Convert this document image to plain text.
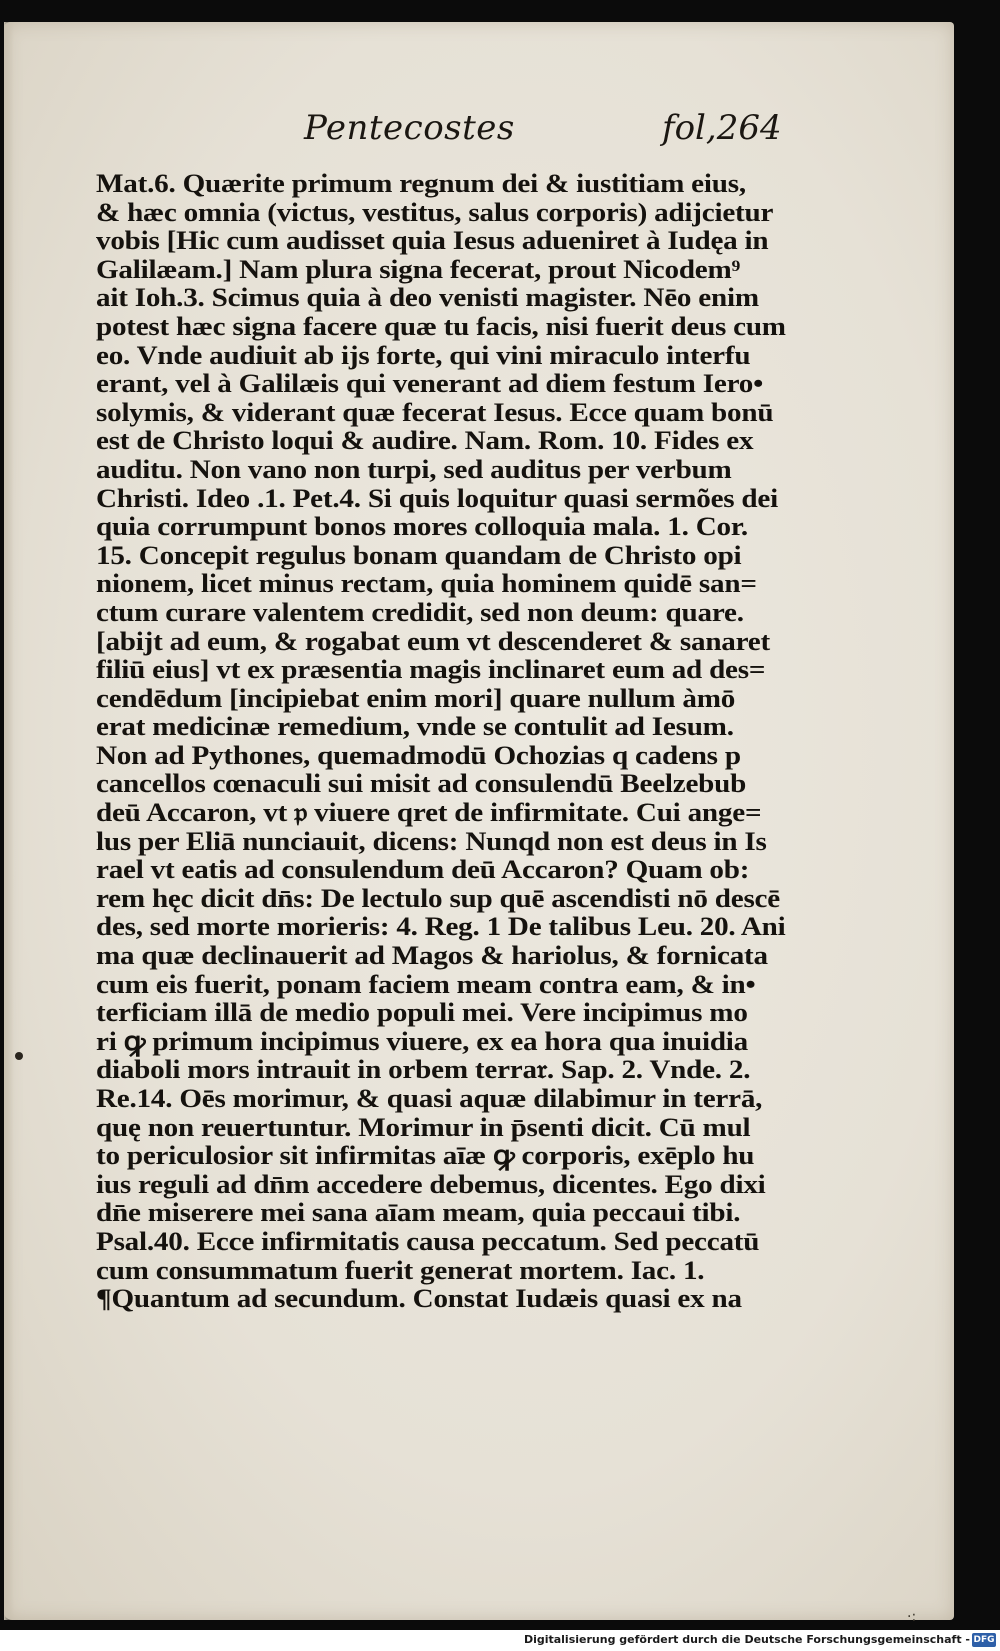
Pentecostes	fol,264
Mat.6. Quærite primum regnum dei & iustitiam eius,
& hæc omnia (victus, vestitus, salus corporis) adijcietur
vobis [Hic cum audisset quia Iesus adueniret à Iudęa in
Galilæam.] Nam plura signa fecerat, prout Nicodem⁹
ait Ioh.3. Scimus quia à deo venisti magister. Nēo enim
potest hæc signa facere quæ tu facis, nisi fuerit deus cum
eo. Vnde audiuit ab ijs forte, qui vini miraculo interfu
erant, vel à Galilæis qui venerant ad diem festum Iero•
solymis, & viderant quæ fecerat Iesus. Ecce quam bonū
est de Christo loqui & audire. Nam. Rom. 10. Fides ex
auditu. Non vano non turpi, sed auditus per verbum
Christi. Ideo .1. Pet.4. Si quis loquitur quasi sermões dei
quia corrumpunt bonos mores colloquia mala. 1. Cor.
15. Concepit regulus bonam quandam de Christo opi
nionem, licet minus rectam, quia hominem quidē san=
ctum curare valentem credidit, sed non deum: quare.
[abijt ad eum, & rogabat eum vt descenderet & sanaret
filiū eius] vt ex præsentia magis inclinaret eum ad des=
cendēdum [incipiebat enim mori] quare nullum àmō
erat medicinæ remedium, vnde se contulit ad Iesum.
Non ad Pythones, quemadmodū Ochozias q cadens p
cancellos cœnaculi sui misit ad consulendū Beelzebub
deū Accaron, vt 𝔭 viuere qret de infirmitate. Cui ange=
lus per Eliā nunciauit, dicens: Nunqd non est deus in Is
rael vt eatis ad consulendum deū Accaron? Quam ob:
rem hęc dicit dn̄s: De lectulo sup quē ascendisti nō descē
des, sed morte morieris: 4. Reg. 1 De talibus Leu. 20. Ani
ma quæ declinauerit ad Magos & hariolus, & fornicata
cum eis fuerit, ponam faciem meam contra eam, & in•
terficiam illā de medio populi mei. Vere incipimus mo
ri ꝙ primum incipimus viuere, ex ea hora qua inuidia
diaboli mors intrauit in orbem terra𝔯. Sap. 2. Vnde. 2.
Re.14. Oēs morimur, & quasi aquæ dilabimur in terrā,
quę non reuertuntur. Morimur in p̄senti dicit. Cū mul
to periculosior sit infirmitas aīæ ꝙ corporis, exēplo hu
ius reguli ad dn̄m accedere debemus, dicentes. Ego dixi
dn̄e miserere mei sana aīam meam, quia peccaui tibi.
Psal.40. Ecce infirmitatis causa peccatum. Sed peccatū
cum consummatum fuerit generat mortem. Iac. 1.
¶Quantum ad secundum. Constat Iudæis quasi ex na
·:
Digitalisierung gefördert durch die Deutsche Forschungsgemeinschaft - DFG
